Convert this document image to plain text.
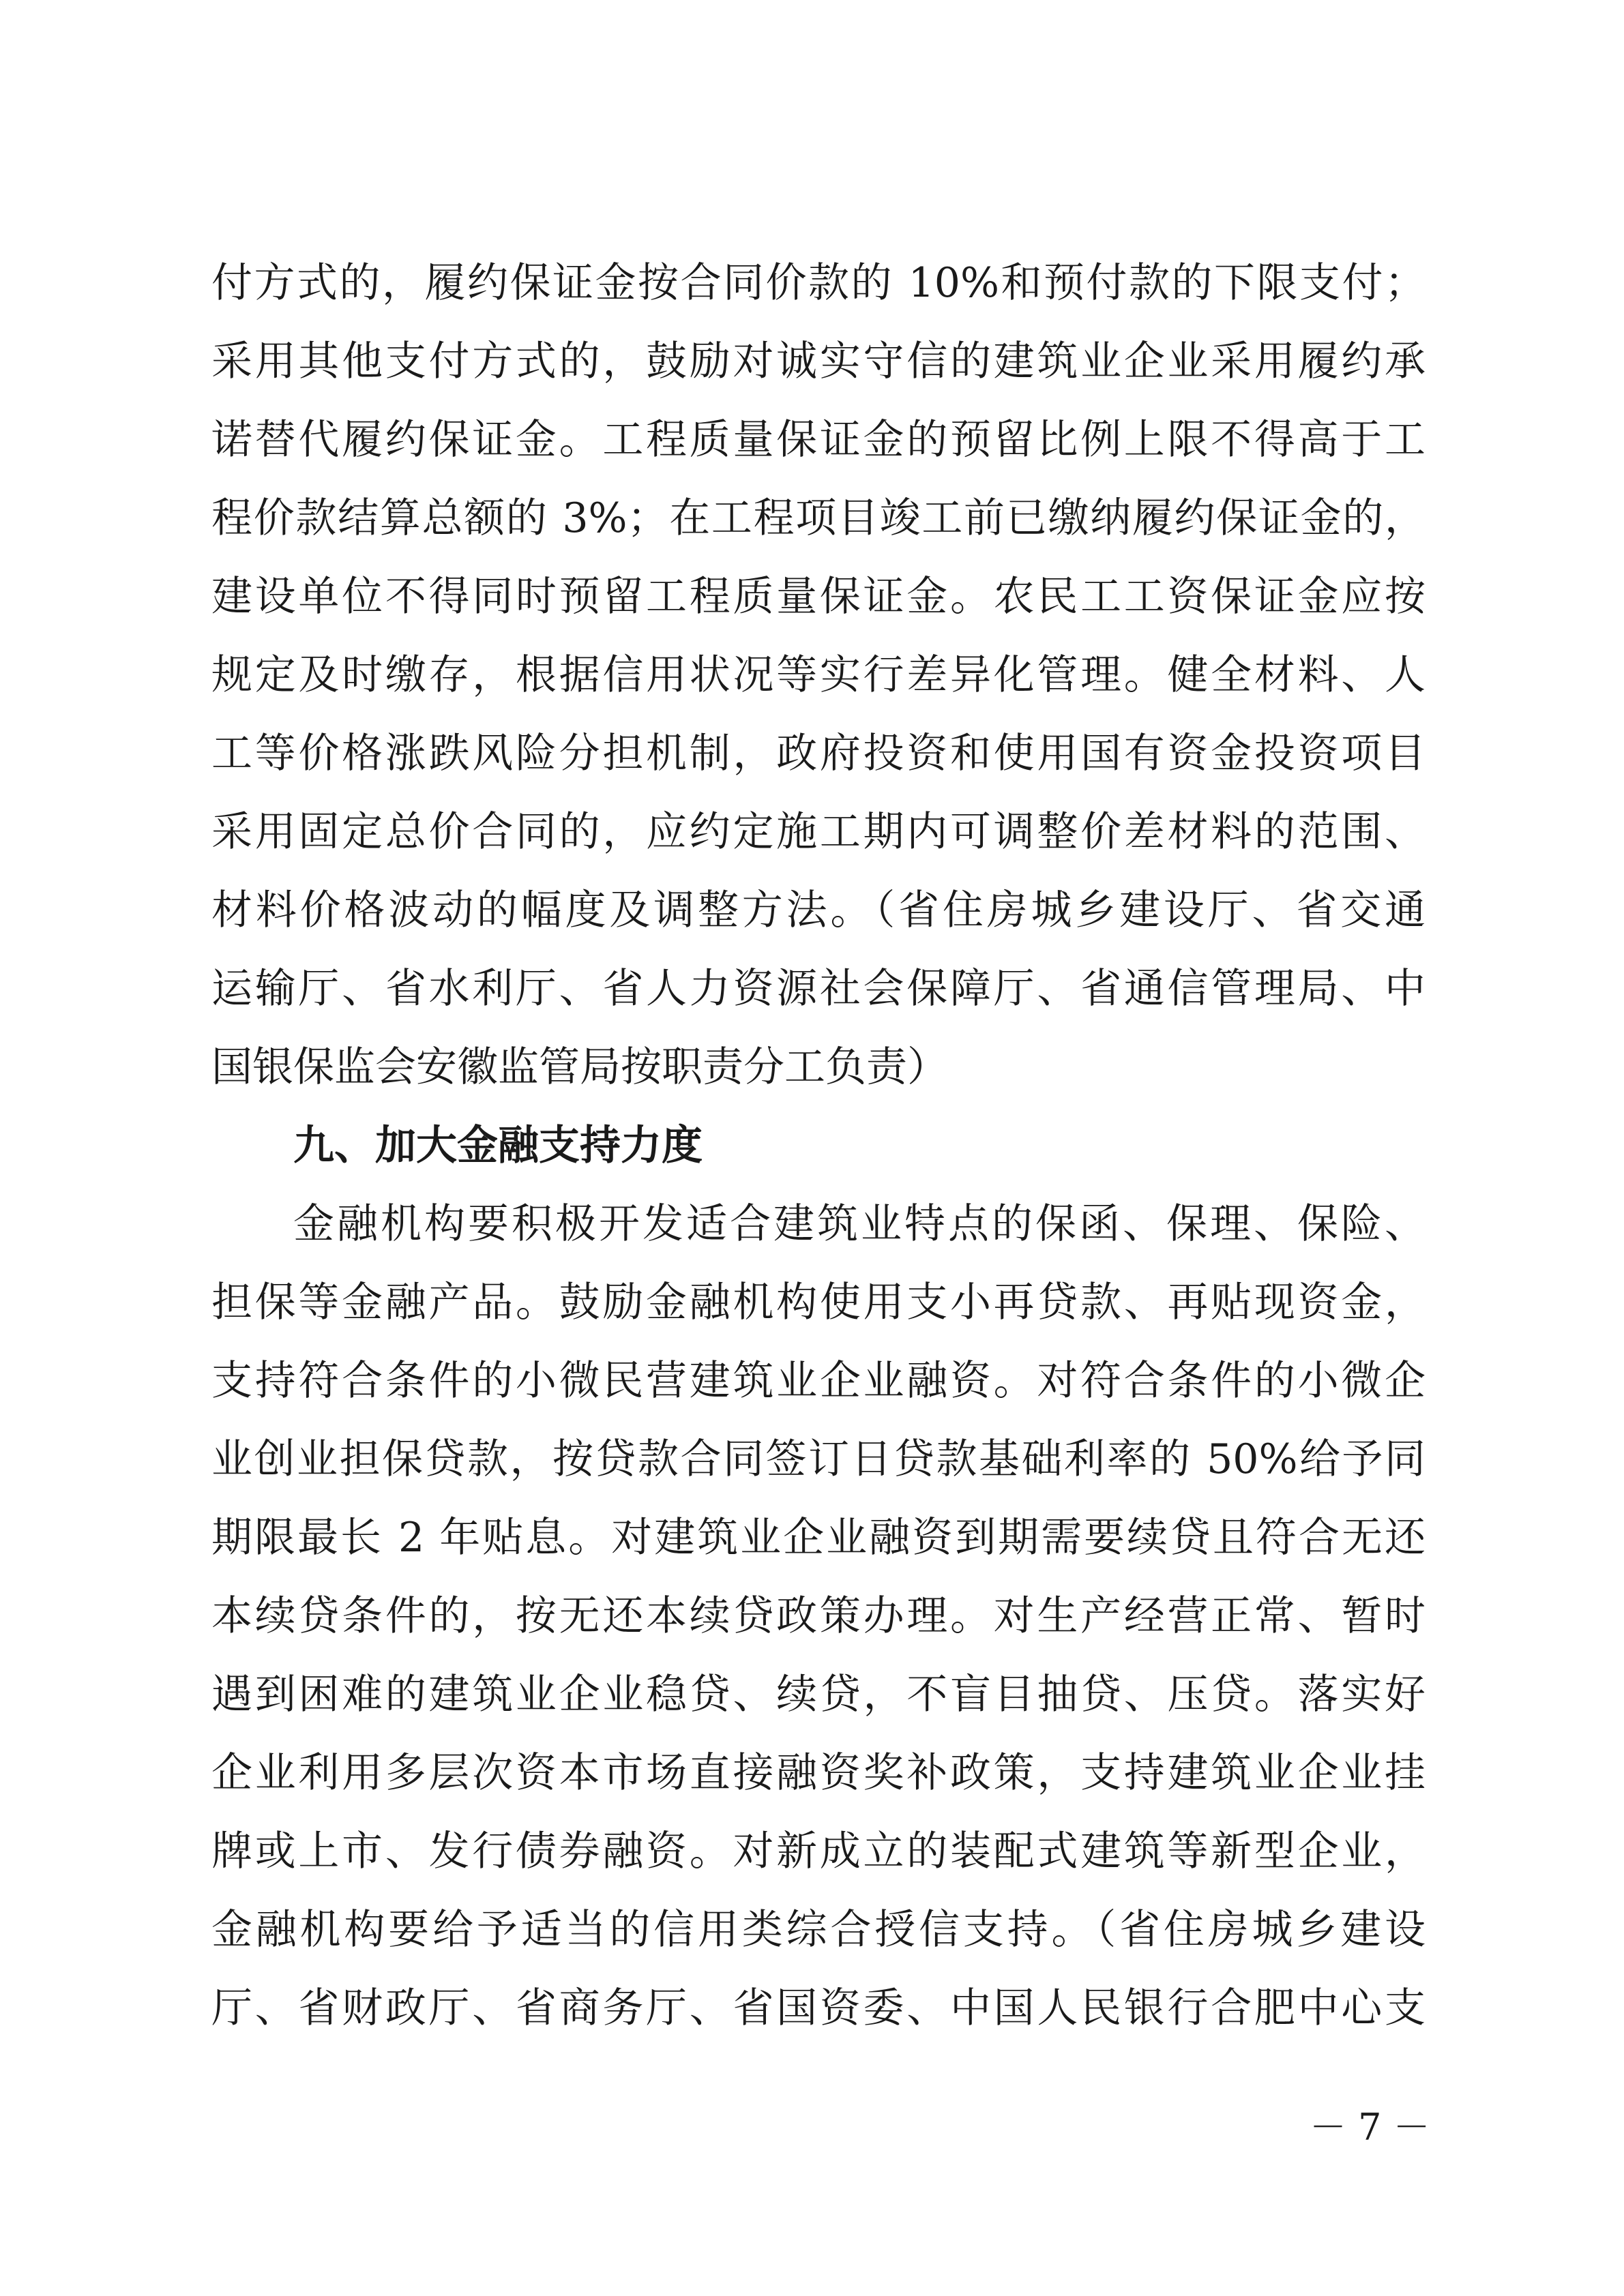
付方式的，履约保证金按合同价款的 10%和预付款的下限支付；
采用其他支付方式的，鼓励对诚实守信的建筑业企业采用履约承
诺替代履约保证金。工程质量保证金的预留比例上限不得高于工
程价款结算总额的 3%；在工程项目竣工前已缴纳履约保证金的，
建设单位不得同时预留工程质量保证金。农民工工资保证金应按
规定及时缴存，根据信用状况等实行差异化管理。健全材料、人
工等价格涨跌风险分担机制，政府投资和使用国有资金投资项目
采用固定总价合同的，应约定施工期内可调整价差材料的范围、
材料价格波动的幅度及调整方法。（省住房城乡建设厅、省交通
运输厅、省水利厅、省人力资源社会保障厅、省通信管理局、中
国银保监会安徽监管局按职责分工负责）
九、加大金融支持力度
金融机构要积极开发适合建筑业特点的保函、保理、保险、
担保等金融产品。鼓励金融机构使用支小再贷款、再贴现资金，
支持符合条件的小微民营建筑业企业融资。对符合条件的小微企
业创业担保贷款，按贷款合同签订日贷款基础利率的 50%给予同
期限最长 2 年贴息。对建筑业企业融资到期需要续贷且符合无还
本续贷条件的，按无还本续贷政策办理。对生产经营正常、暂时
遇到困难的建筑业企业稳贷、续贷，不盲目抽贷、压贷。落实好
企业利用多层次资本市场直接融资奖补政策，支持建筑业企业挂
牌或上市、发行债券融资。对新成立的装配式建筑等新型企业，
金融机构要给予适当的信用类综合授信支持。（省住房城乡建设
厅、省财政厅、省商务厅、省国资委、中国人民银行合肥中心支
－ 7 －
